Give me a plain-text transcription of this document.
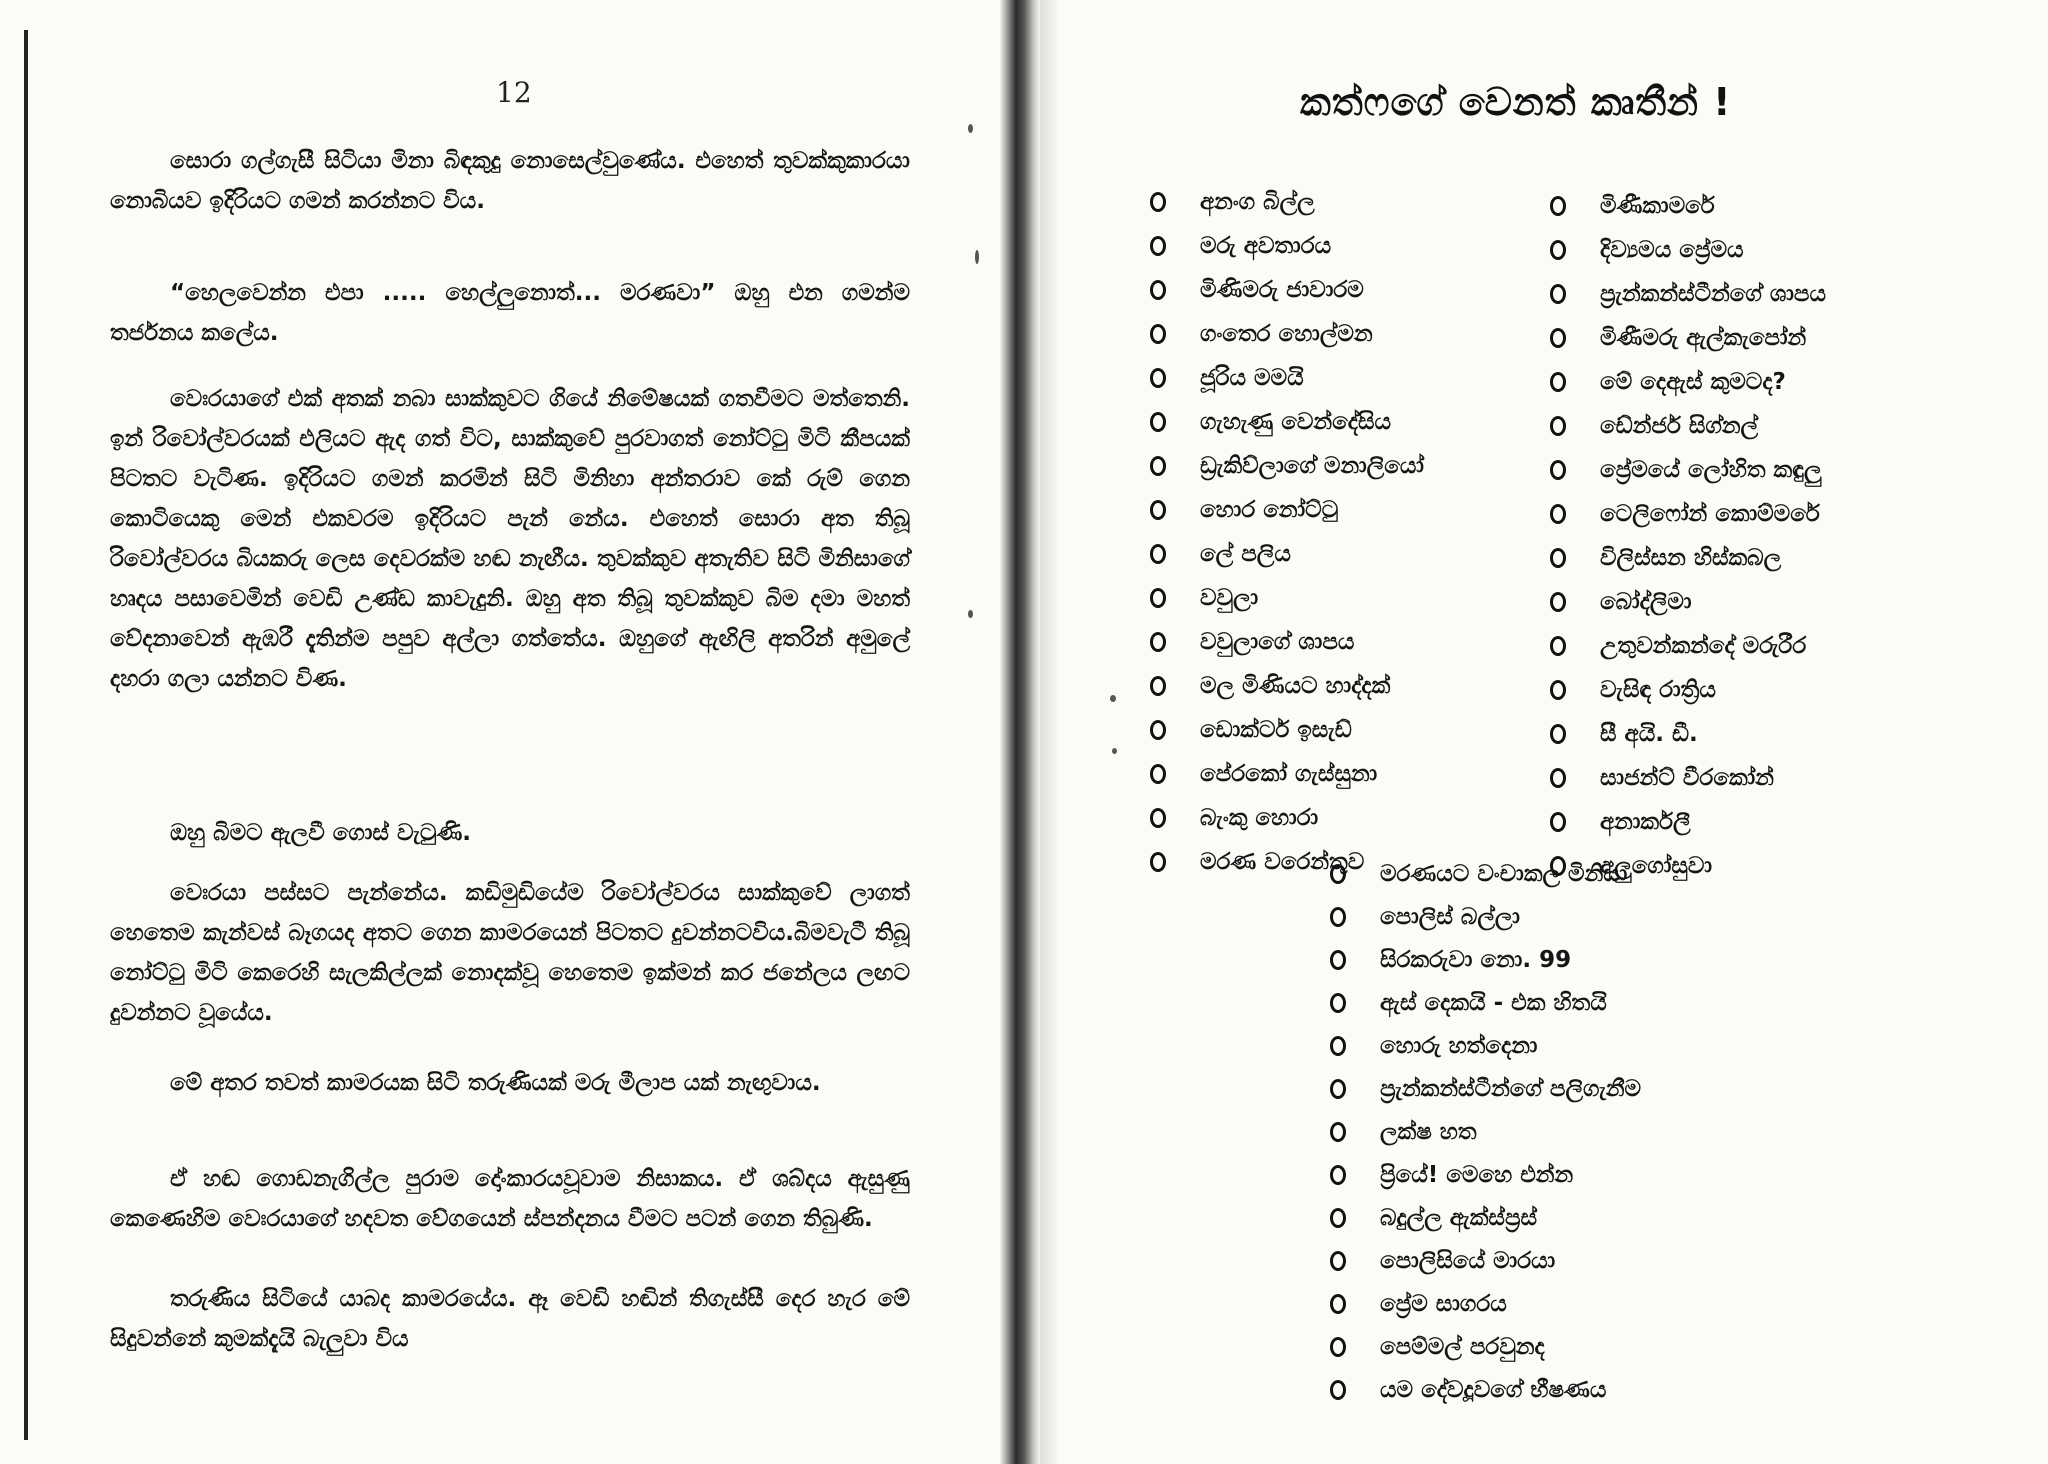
12

සොරා ගල්ගැසී සිටියා මිනා බිඳකුදු නොසෙල්වුණේය. එහෙත් තුවක්කුකාරයා නොබියව ඉදිරියට ගමන් කරන්නට විය.

“හෙලවෙන්න එපා ..... හෙල්ලුනොත්... මරණවා” ඔහු එන ගමන්ම තර්ජනය කලේය.

වෙඃරයාගේ එක් අතක් නබා සාක්කුවට ගියේ නිමේෂයක් ගතවීමට මත්තෙනි. ඉන් රිවෝල්වරයක් එලියට ඇද ගත් විට, සාක්කුවේ පුරවාගත් නෝට්ටු මිටි කීපයක් පිටතට වැටිණ. ඉදිරියට ගමන් කරමින් සිටි මිනිහා අන්තරාව කේ රුම් ගෙන කොටියෙකු මෙන් එකවරම ඉදිරියට පැන් නේය. එහෙත් සොරා අත තිබූ රිවෝල්වරය බියකරු ලෙස දෙවරක්ම හඬ නැඟීය. තුවක්කුව අතැතිව සිටි මිනිසාගේ හෘදය පසාවෙමින් වෙඩි උණ්ඩ කාවැදුනි. ඔහු අත තිබූ තුවක්කුව බිම දමා මහත් වේදනාවෙන් ඇඹරී දැතින්ම පපුව අල්ලා ගත්තේය. ඔහුගේ ඇඟිලි අතරින් අමුලේ දහරා ගලා යන්නට විණ.

ඔහු බිමට ඇලවී ගොස් වැටුණි.

වෙඃරයා පස්සට පැන්නේය. කඩිමුඩියේම රිවෝල්වරය සාක්කුවේ ලාගත් හෙතෙම කැන්වස් බෑගයද අතට ගෙන කාමරයෙන් පිටතට දුවන්නටවිය.බිමවැටී තිබූ නෝට්ටු මිටි කෙරෙහි සැලකිල්ලක් නොදක්වූ හෙතෙම ඉක්මන් කර ජනේලය ලඟට දුවන්නට වූයේය.

මේ අතර තවත් කාමරයක සිටි තරුණියක් මරු මීලාප යක් නැඟුවාය.

ඒ හඬ ගොඩනැගිල්ල පුරාම දෝංකාරයවූවාම නිසාකය. ඒ ශබ්දය ඇසුණු කෙණෙහිම වෙඃරයාගේ හදවත වේගයෙන් ස්පන්දනය වීමට පටන් ගෙන තිබුණි.

තරුණිය සිටියේ යාබද කාමරයේය. ඈ වෙඩි හඬින් තිගැස්සී දෙර හැර මේ සිදුවන්නේ කුමක්දැයි බැලුවා විය

කත්ෆගේ වෙනත් කෘතීන් !
අනංග බිල්ල
මරු අවතාරය
මිණිමරු ජාවාරම
ගංතෙර හොල්මන
ජූරිය මමයි
ගැහැණු වෙන්දේසිය
ඩ්‍රැකිව්ලාගේ මනාලියෝ
හොර නෝට්ටු
ලේ පලිය
වවුලා
වවුලාගේ ශාපය
මල මිණියට හාද්දක්
ඩොක්ටර් ඉසැඩ්
පේරකෝ ගැස්සුනා
බැංකු හොරා
මරණ වරෙන්තුව
මිණීකාමරේ
දිව්‍යමය ප්‍රේමය
ප්‍රැන්කන්ස්ටීන්ගේ ශාපය
මිණීමරු ඇල්කැපෝන්
මේ දෙඇස් කුමටද?
ඩේන්ජර් සිග්නල්
ප්‍රේමයේ ලෝහිත කඳුලු
ටෙලිෆෝන් කොම්මරේ
විලිස්සන හිස්කබල
බෝද්ලිමා
උතුවන්කන්දේ මරුරීර
වැසිඳ රාත්‍රිය
සී අයි. ඩී.
සාජන්ට් වීරකෝන්
අනාර්කලී
අලුගෝසුවා
මරණයට වංචාකල මිනිසා
පොලිස් බල්ලා
සිරකරුවා නො. 99
ඇස් දෙකයි - එක හිතයි
හොරු හත්දෙනා
ප්‍රැන්කන්ස්ටීන්ගේ පලිගැනීම
ලක්ෂ හත
ප්‍රියේ! මෙහෙ එන්න
බදුල්ල ඇක්ස්ප්‍රස්
පොලිසියේ මාරයා
ප්‍රේම සාගරය
පෙම්මල් පරවුනද
යම දේවදූවගේ භීෂණය
